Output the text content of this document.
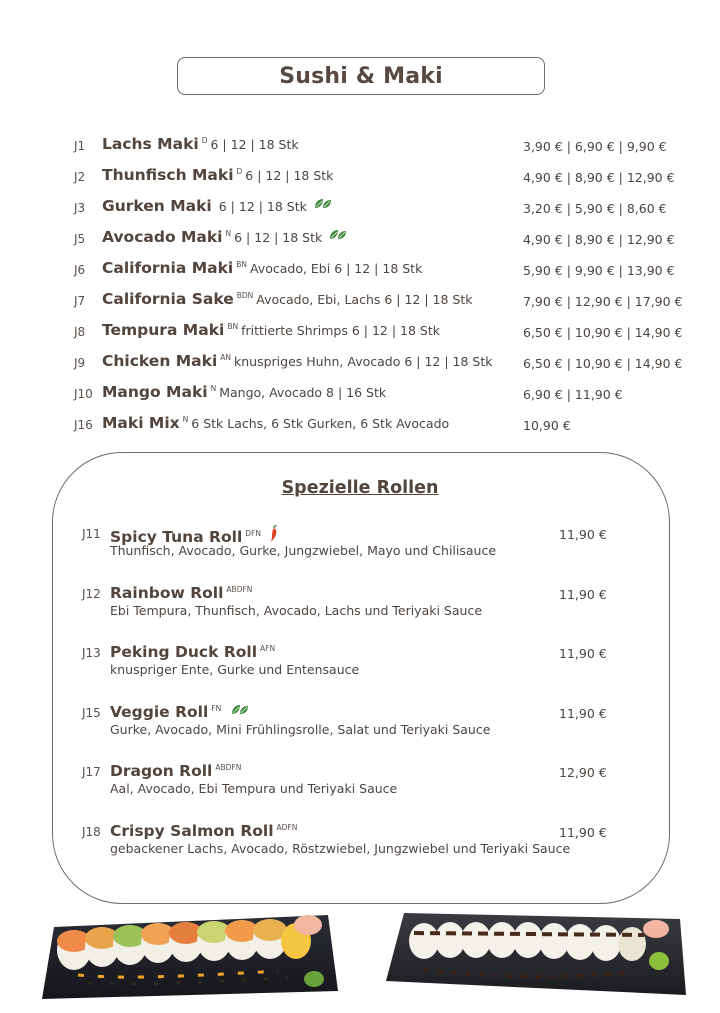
Sushi & Maki
J1 Lachs Maki D 6 | 12 | 18 Stk	3,90 € | 6,90 € | 9,90 €
J2 Thunfisch Maki D 6 | 12 | 18 Stk	4,90 € | 8,90 € | 12,90 €
J3 Gurken Maki 6 | 12 | 18 Stk	3,20 € | 5,90 € | 8,60 €
J5 Avocado Maki N 6 | 12 | 18 Stk	4,90 € | 8,90 € | 12,90 €
J6 California Maki BN Avocado, Ebi 6 | 12 | 18 Stk	5,90 € | 9,90 € | 13,90 €
J7 California Sake BDN Avocado, Ebi, Lachs 6 | 12 | 18 Stk	7,90 € | 12,90 € | 17,90 €
J8 Tempura Maki BN frittierte Shrimps 6 | 12 | 18 Stk	6,50 € | 10,90 € | 14,90 €
J9 Chicken Maki AN knuspriges Huhn, Avocado 6 | 12 | 18 Stk 6,50 € | 10,90 € | 14,90 €
J10 Mango Maki N Mango, Avocado 8 | 16 Stk	6,90 € | 11,90 €
J16 Maki Mix N 6 Stk Lachs, 6 Stk Gurken, 6 Stk Avocado	10,90 €
Spezielle Rollen
J11 Spicy Tuna Roll DFN
Thunfisch, Avocado, Gurke, Jungzwiebel, Mayo und Chilisauce
11,90 €
J12 Rainbow Roll ABDFN
Ebi Tempura, Thunfisch, Avocado, Lachs und Teriyaki Sauce
11,90 €
J13 Peking Duck Roll AFN
knuspriger Ente, Gurke und Entensauce
11,90 €
J15 Veggie Roll FN
Gurke, Avocado, Mini Frühlingsrolle, Salat und Teriyaki Sauce
11,90 €
J17 Dragon Roll ABDFN
Aal, Avocado, Ebi Tempura und Teriyaki Sauce
12,90 €
J18 Crispy Salmon Roll ADFN
gebackener Lachs, Avocado, Röstzwiebel, Jungzwiebel und Teriyaki Sauce
11,90 €
